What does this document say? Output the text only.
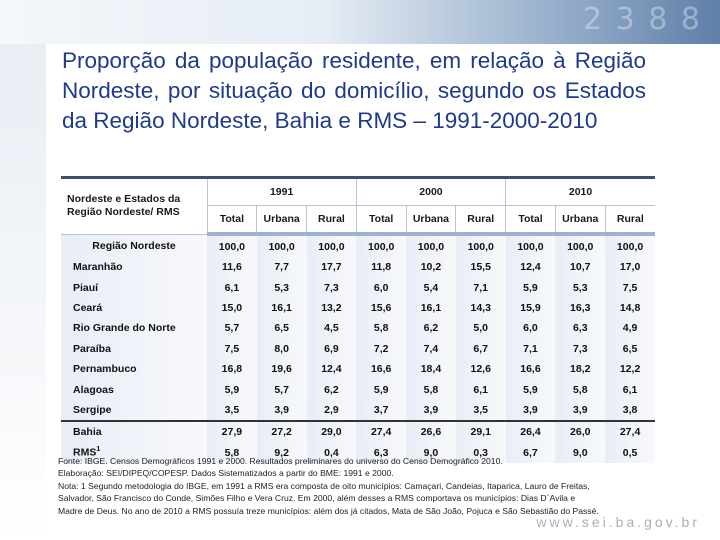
2 3 8 8
Proporção da população residente, em relação à Região Nordeste, por situação do domicílio, segundo os Estados da Região Nordeste, Bahia e RMS – 1991-2000-2010
Nordeste e Estados da Região Nordeste/ RMS	1991			2000			2010		
	Total	Urbana	Rural	Total	Urbana	Rural	Total	Urbana	Rural
Região Nordeste	100,0	100,0	100,0	100,0	100,0	100,0	100,0	100,0	100,0
Maranhão	11,6	7,7	17,7	11,8	10,2	15,5	12,4	10,7	17,0
Piauí	6,1	5,3	7,3	6,0	5,4	7,1	5,9	5,3	7,5
Ceará	15,0	16,1	13,2	15,6	16,1	14,3	15,9	16,3	14,8
Rio Grande do Norte	5,7	6,5	4,5	5,8	6,2	5,0	6,0	6,3	4,9
Paraíba	7,5	8,0	6,9	7,2	7,4	6,7	7,1	7,3	6,5
Pernambuco	16,8	19,6	12,4	16,6	18,4	12,6	16,6	18,2	12,2
Alagoas	5,9	5,7	6,2	5,9	5,8	6,1	5,9	5,8	6,1
Sergipe	3,5	3,9	2,9	3,7	3,9	3,5	3,9	3,9	3,8
Bahia	27,9	27,2	29,0	27,4	26,6	29,1	26,4	26,0	27,4
RMS$^1$	5,8	9,2	0,4	6,3	9,0	0,3	6,7	9,0	0,5
Fonte: IBGE. Censos Demográficos 1991 e 2000. Resultados preliminares do universo do Censo Demográfico 2010.
Elaboração: SEI/DIPEQ/COPESP. Dados Sistematizados a partir do BME: 1991 e 2000.
Nota: 1 Segundo metodologia do IBGE, em 1991 a RMS era composta de oito municípios: Camaçari, Candeias, Itaparica, Lauro de Freitas,
Salvador, São Francisco do Conde, Simões Filho e Vera Cruz. Em 2000, além desses a RMS comportava os municípios: Dias D´Avila e
Madre de Deus. No ano de 2010 a RMS possuía treze municípios: além dos já citados, Mata de São João, Pojuca e São Sebastião do Passé.
www.sei.ba.gov.br
